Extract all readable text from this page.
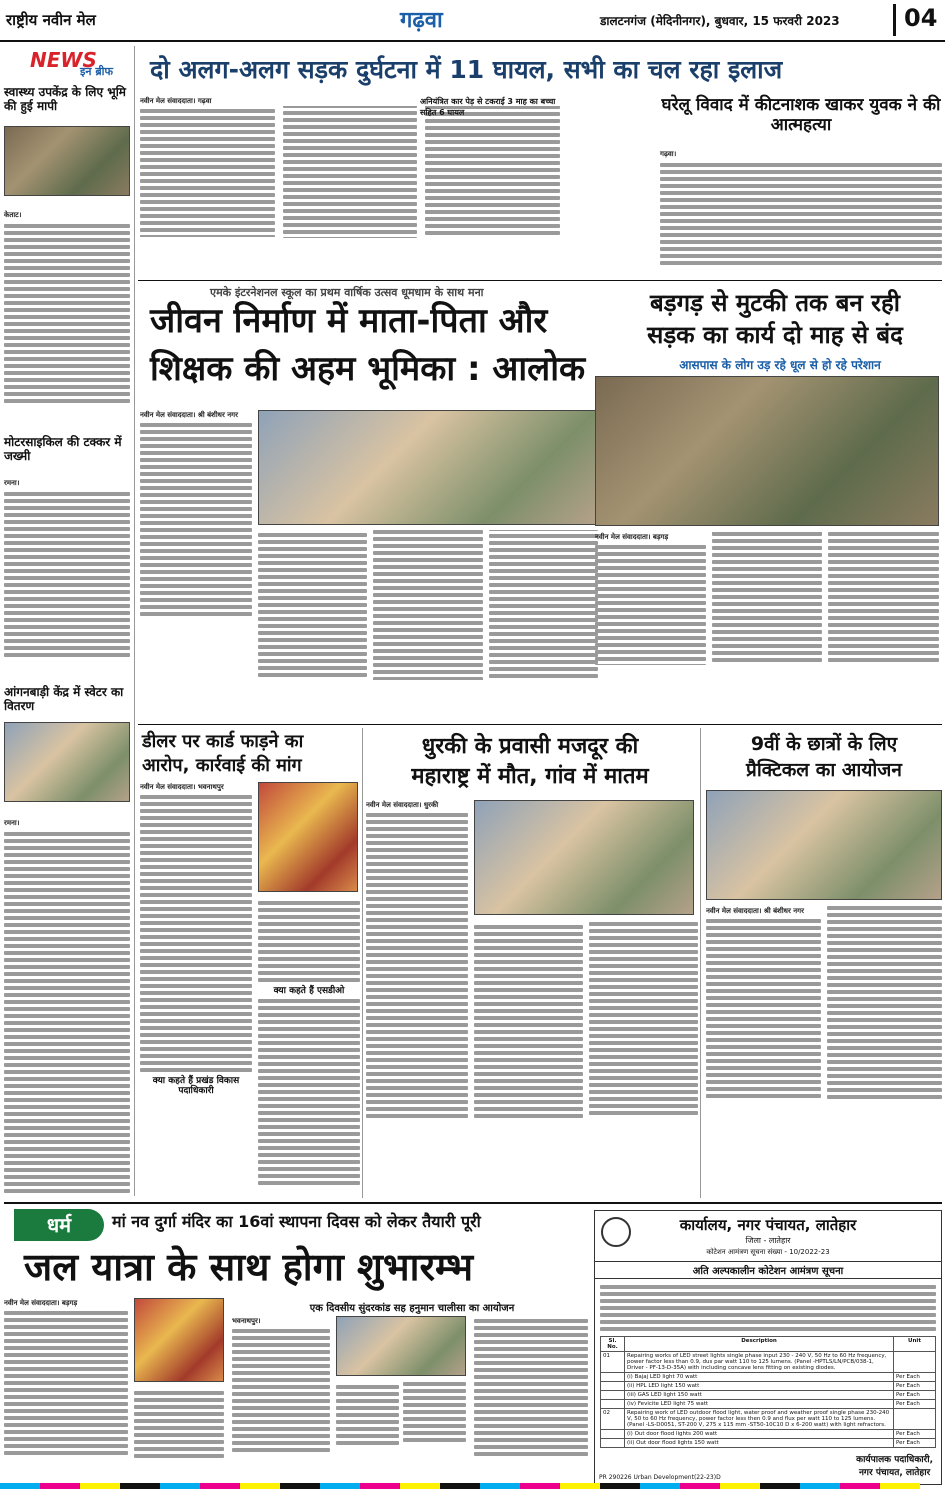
राष्ट्रीय नवीन मेल	गढ़वा	डालटनगंज (मेदिनीनगर), बुधवार, 15 फरवरी 2023	04
NEWS
इन ब्रीफ
स्वास्थ्य उपकेंद्र के लिए भूमि की हुई मापी
केताट।
मोटरसाइकिल की टक्कर में जख्मी
रमना।
आंगनबाड़ी केंद्र में स्वेटर का वितरण
रमना।
दो अलग-अलग सड़क दुर्घटना में 11 घायल, सभी का चल रहा इलाज
नवीन मेल संवाददाता। गढ़वा	अनियंत्रित कार पेड़ से टकराई 3 माह का बच्चा सहित 6 घायल	घरेलू विवाद में कीटनाशक खाकर युवक ने की आत्महत्या
गढ़वा।
एमके इंटरनेशनल स्कूल का प्रथम वार्षिक उत्सव धूमधाम के साथ मना
जीवन निर्माण में माता-पिता और
शिक्षक की अहम भूमिका : आलोक
नवीन मेल संवाददाता। श्री बंशीधर नगर
बड़गड़ से मुटकी तक बन रही
सड़क का कार्य दो माह से बंद
आसपास के लोग उड़ रहे धूल से हो रहे परेशान
नवीन मेल संवाददाता। बड़गड़
डीलर पर कार्ड फाड़ने का
आरोप, कार्रवाई की मांग
नवीन मेल संवाददाता। भवनाथपुर
क्या कहते हैं प्रखंड विकास पदाधिकारी
क्या कहते हैं एसडीओ
धुरकी के प्रवासी मजदूर की
महाराष्ट्र में मौत, गांव में मातम
नवीन मेल संवाददाता। धुरकी
9वीं के छात्रों के लिए
प्रैक्टिकल का आयोजन
नवीन मेल संवाददाता। श्री बंशीधर नगर
धर्म	मां नव दुर्गा मंदिर का 16वां स्थापना दिवस को लेकर तैयारी पूरी
जल यात्रा के साथ होगा शुभारम्भ
नवीन मेल संवाददाता। बड़गड़	एक दिवसीय सुंदरकांड सह हनुमान चालीसा का आयोजन
भवनाथपुर।
कार्यालय, नगर पंचायत, लातेहार
जिला - लातेहार
कोटेशन आमंत्रण सूचना संख्या - 10/2022-23
अति अल्पकालीन कोटेशन आमंत्रण सूचना
Sl. No.	Description	Unit
01	Repairing works of LED street lights single phase input 230 - 240 V, 50 Hz to 60 Hz frequency, power factor less than 0.9, dus par watt 110 to 125 lumens. (Panel -HPTLS/LN/PCB/038-1, Driver - PF-13-D-35A) with including concave lens fitting on existing diodes.	
	(i) Bajaj LED light 70 watt	Per Each
	(ii) HPL LED light 150 watt	Per Each
	(iii) GAS LED light 150 watt	Per Each
	(iv) Fevicite LED light 75 watt	Per Each
02	Repairing work of LED outdoor flood light, water proof and weather proof single phase 230-240 V, 50 to 60 Hz frequency, power factor less then 0.9 and flux per watt 110 to 125 lumens. (Panel -LS-D0051, ST-200 V, 275 x 115 mm -ST50-10C10 D x 6-200 watt) with light refractors.	
	(i) Out door flood lights 200 watt	Per Each
	(ii) Out door flood lights 150 watt	Per Each
कार्यपालक पदाधिकारी,
नगर पंचायत, लातेहार
PR 290226 Urban Development(22-23)D
